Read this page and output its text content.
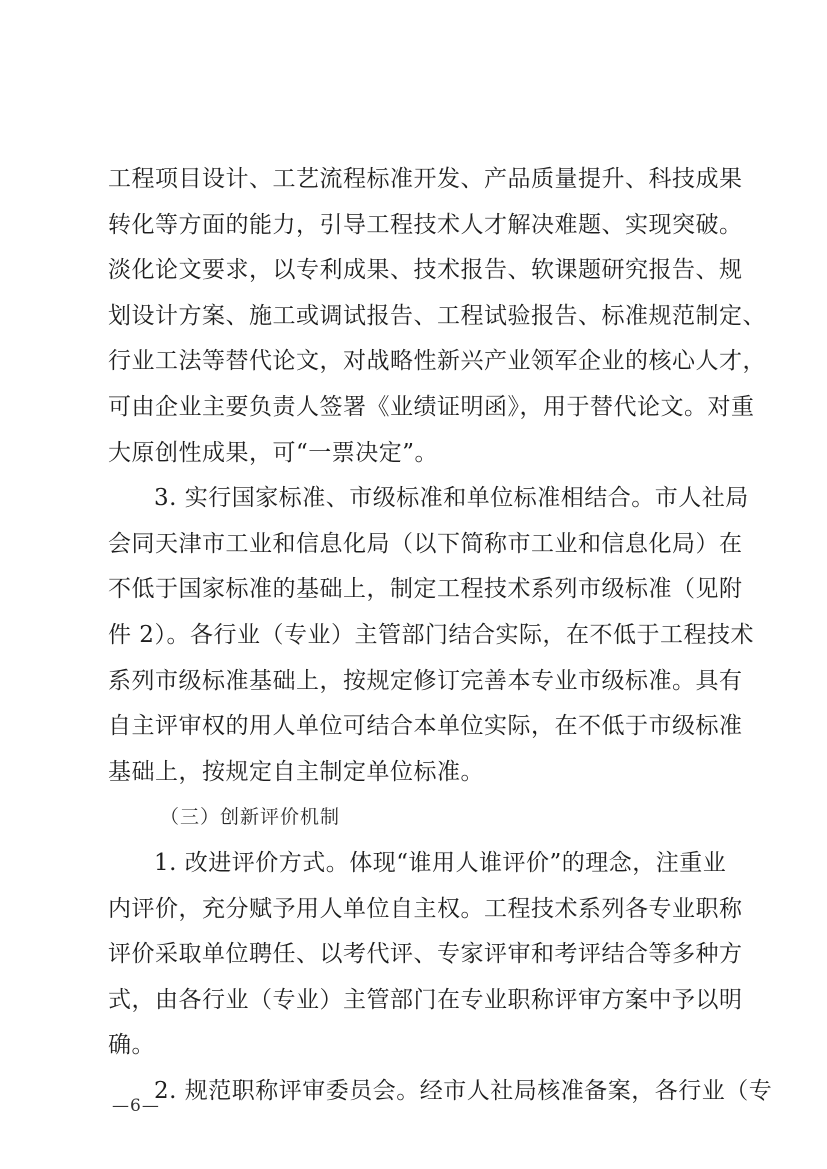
工程项目设计、工艺流程标准开发、产品质量提升、科技成果
转化等方面的能力，引导工程技术人才解决难题、实现突破。
淡化论文要求，以专利成果、技术报告、软课题研究报告、规
划设计方案、施工或调试报告、工程试验报告、标准规范制定、
行业工法等替代论文，对战略性新兴产业领军企业的核心人才，
可由企业主要负责人签署《业绩证明函》，用于替代论文。对重
大原创性成果，可“一票决定”。
3. 实行国家标准、市级标准和单位标准相结合。市人社局
会同天津市工业和信息化局（以下简称市工业和信息化局）在
不低于国家标准的基础上，制定工程技术系列市级标准（见附
件 2）。各行业（专业）主管部门结合实际，在不低于工程技术
系列市级标准基础上，按规定修订完善本专业市级标准。具有
自主评审权的用人单位可结合本单位实际，在不低于市级标准
基础上，按规定自主制定单位标准。
（三）创新评价机制
1. 改进评价方式。体现“谁用人谁评价”的理念，注重业
内评价，充分赋予用人单位自主权。工程技术系列各专业职称
评价采取单位聘任、以考代评、专家评审和考评结合等多种方
式，由各行业（专业）主管部门在专业职称评审方案中予以明
确。
2. 规范职称评审委员会。经市人社局核准备案，各行业（专
—6—
